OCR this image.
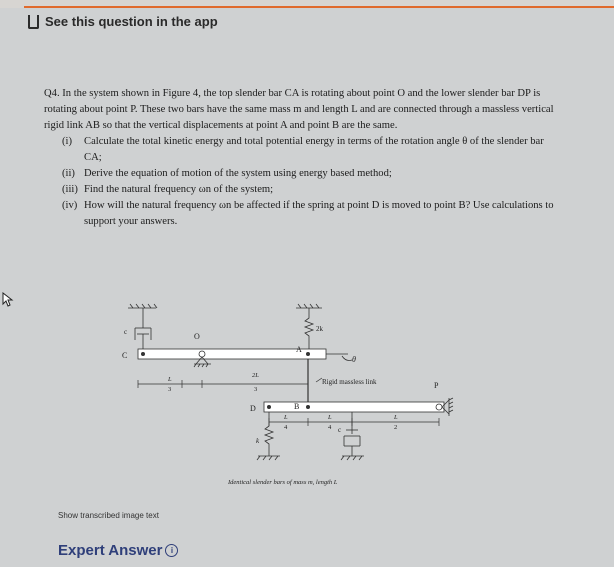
See this question in the app

Q4. In the system shown in Figure 4, the top slender bar CA is rotating about point O and the lower slender bar DP is rotating about point P. These two bars have the same mass m and length L and are connected through a massless vertical rigid link AB so that the vertical displacements at point A and point B are the same.

(i)	Calculate the total kinetic energy and total potential energy in terms of the rotation angle θ of the slender bar CA;
(ii) Derive the equation of motion of the system using energy based method;
(iii) Find the natural frequency ωn of the system;
(iv) How will the natural frequency ωn be affected if the spring at point D is moved to point B? Use calculations to support your answers.
c
C
O
2k
A
θ
Rigid massless link
L
3
2L
3
D	B
P
k
c
L
4
L
4
L
2
Identical slender bars of mass m, length L
Show transcribed image text
Expert Answer	i
